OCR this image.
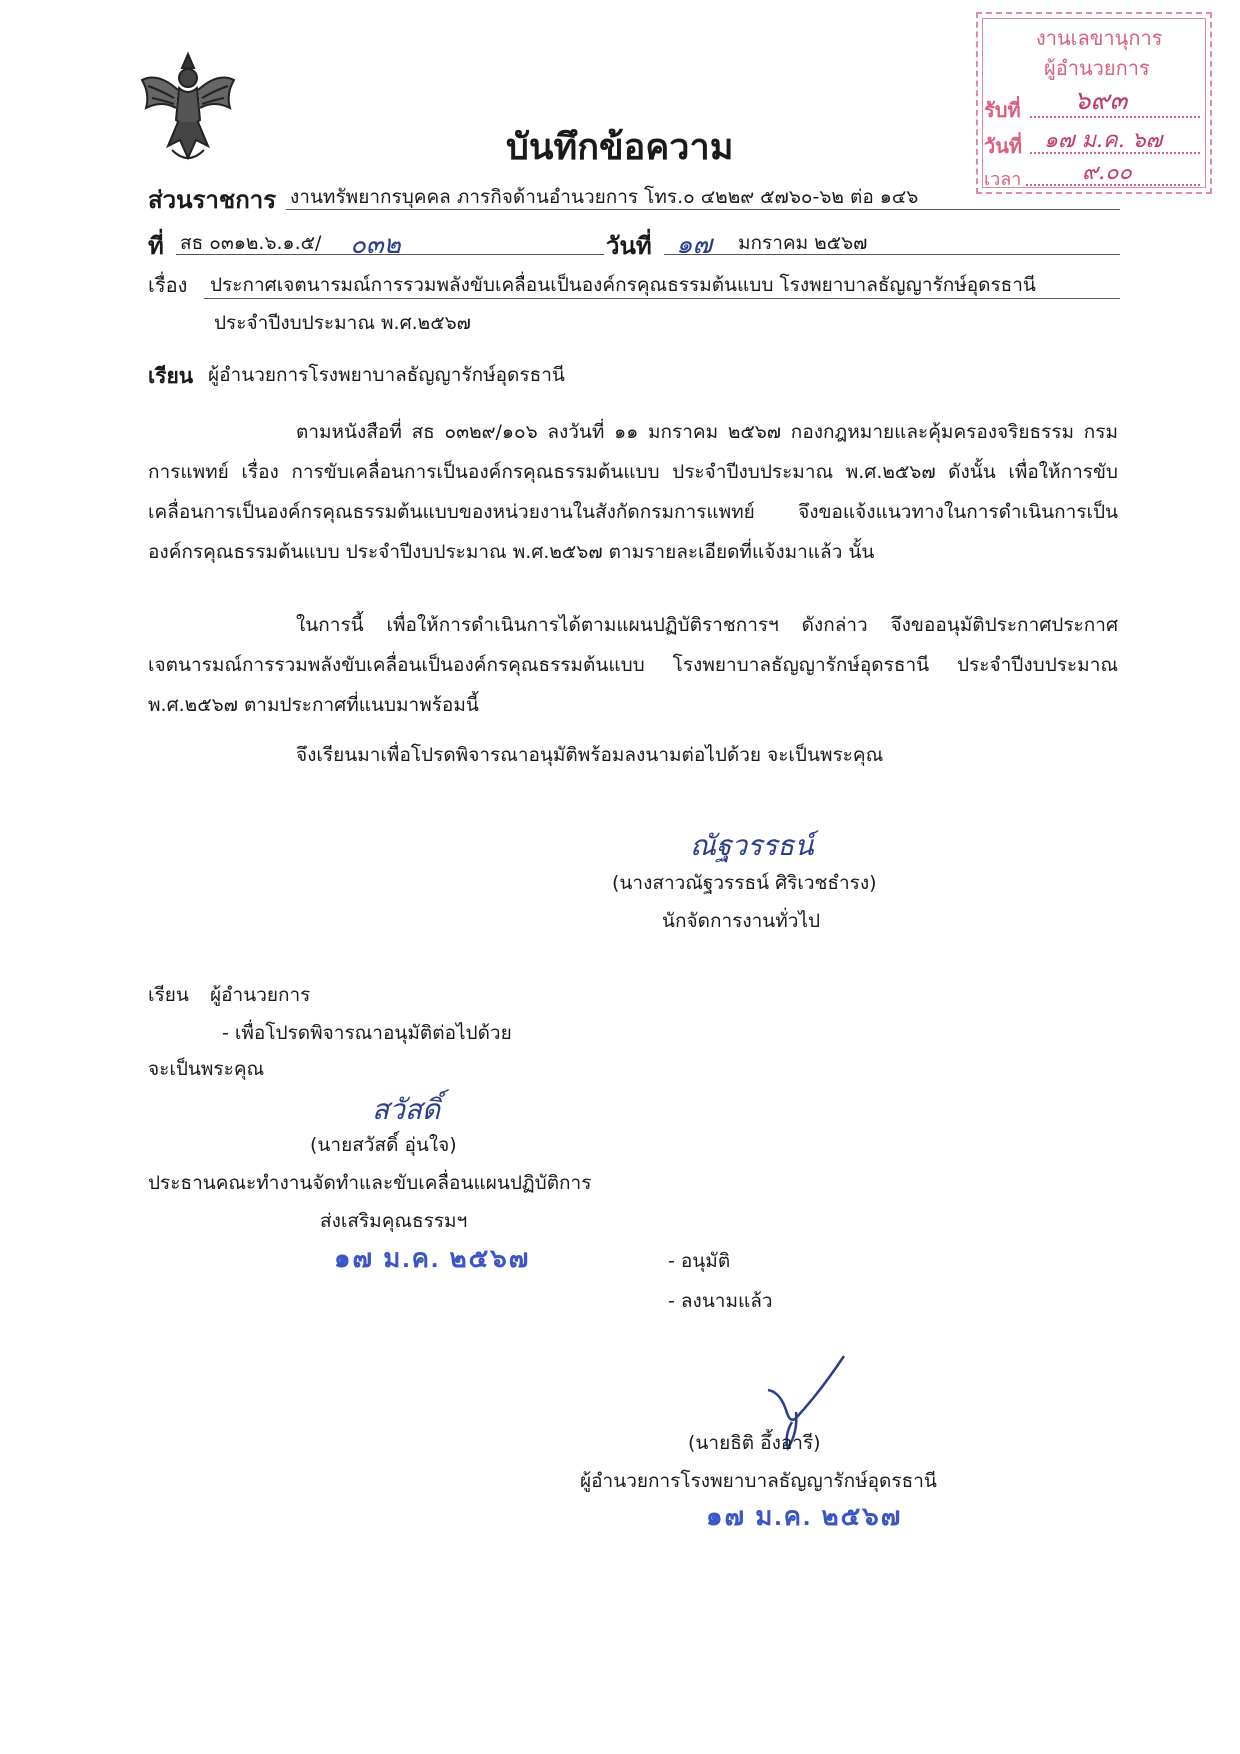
บันทึกข้อความ
งานเลขานุการ
ผู้อำนวยการ
รับที่ ๖๙๓
วันที่ ๑๗ ม.ค. ๖๗
เวลา	๙.๐๐
ส่วนราชการ งานทรัพยากรบุคคล ภารกิจด้านอำนวยการ โทร.๐ ๔๒๒๙ ๕๗๖๐-๖๒ ต่อ ๑๔๖
ที่ สธ ๐๓๑๒.๖.๑.๕/ ๐๓๒	วันที่ ๑๗ มกราคม ๒๕๖๗
เรื่อง ประกาศเจตนารมณ์การรวมพลังขับเคลื่อนเป็นองค์กรคุณธรรมต้นแบบ โรงพยาบาลธัญญารักษ์อุดรธานี
ประจำปีงบประมาณ พ.ศ.๒๕๖๗
เรียน ผู้อำนวยการโรงพยาบาลธัญญารักษ์อุดรธานี

ตามหนังสือที่ สธ ๐๓๒๙/๑๐๖ ลงวันที่ ๑๑ มกราคม ๒๕๖๗ กองกฎหมายและคุ้มครองจริยธรรม กรมการแพทย์ เรื่อง การขับเคลื่อนการเป็นองค์กรคุณธรรมต้นแบบ ประจำปีงบประมาณ พ.ศ.๒๕๖๗ ดังนั้น เพื่อให้การขับเคลื่อนการเป็นองค์กรคุณธรรมต้นแบบของหน่วยงานในสังกัดกรมการแพทย์ จึงขอแจ้งแนวทางในการดำเนินการเป็นองค์กรคุณธรรมต้นแบบ ประจำปีงบประมาณ พ.ศ.๒๕๖๗ ตามรายละเอียดที่แจ้งมาแล้ว นั้น

ในการนี้ เพื่อให้การดำเนินการได้ตามแผนปฏิบัติราชการฯ ดังกล่าว จึงขออนุมัติประกาศประกาศเจตนารมณ์การรวมพลังขับเคลื่อนเป็นองค์กรคุณธรรมต้นแบบ โรงพยาบาลธัญญารักษ์อุดรธานี ประจำปีงบประมาณ พ.ศ.๒๕๖๗ ตามประกาศที่แนบมาพร้อมนี้

จึงเรียนมาเพื่อโปรดพิจารณาอนุมัติพร้อมลงนามต่อไปด้วย จะเป็นพระคุณ
ณัฐวรรธน์
(นางสาวณัฐวรรธน์ ศิริเวชธำรง)
นักจัดการงานทั่วไป
เรียน ผู้อำนวยการ
- เพื่อโปรดพิจารณาอนุมัติต่อไปด้วย
จะเป็นพระคุณ
สวัสดิ์
(นายสวัสดิ์ อุ่นใจ)
ประธานคณะทำงานจัดทำและขับเคลื่อนแผนปฏิบัติการ
ส่งเสริมคุณธรรมฯ
๑๗ ม.ค. ๒๕๖๗	- อนุมัติ
- ลงนามแล้ว
(นายธิติ อึ้งอารี)
ผู้อำนวยการโรงพยาบาลธัญญารักษ์อุดรธานี
๑๗ ม.ค. ๒๕๖๗
